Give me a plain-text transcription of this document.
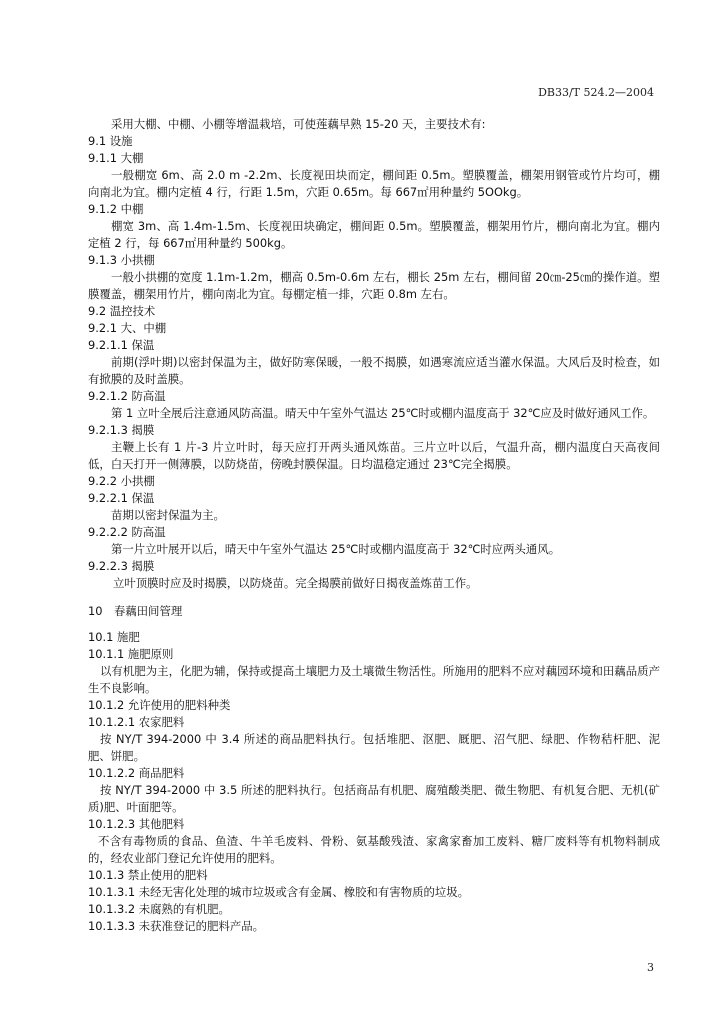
DB33/T 524.2—2004

采用大棚、中棚、小棚等增温栽培，可使莲藕早熟 15-20 天，主要技术有:

9.1 设施

9.1.1 大棚

一般棚宽 6m、高 2.0 m -2.2m、长度视田块而定，棚间距 0.5m。塑膜覆盖，棚架用钢管或竹片均可，棚向南北为宜。棚内定植 4 行，行距 1.5m，穴距 0.65m。每 667㎡用种量约 5OOkg。

9.1.2 中棚

棚宽 3m、高 1.4m-1.5m、长度视田块确定，棚间距 0.5m。塑膜覆盖，棚架用竹片，棚向南北为宜。棚内定植 2 行，每 667㎡用种量约 500kg。

9.1.3 小拱棚

一般小拱棚的宽度 1.1m-1.2m，棚高 0.5m-0.6m 左右，棚长 25m 左右，棚间留 20㎝-25㎝的操作道。塑膜覆盖，棚架用竹片，棚向南北为宜。每棚定植一排，穴距 0.8m 左右。

9.2 温控技术

9.2.1 大、中棚

9.2.1.1 保温

前期(浮叶期)以密封保温为主，做好防寒保暖，一般不揭膜，如遇寒流应适当灌水保温。大风后及时检查，如有掀膜的及时盖膜。

9.2.1.2 防高温

第 1 立叶全展后注意通风防高温。晴天中午室外气温达 25℃时或棚内温度高于 32℃应及时做好通风工作。

9.2.1.3 揭膜

主鞭上长有 1 片-3 片立叶时，每天应打开两头通风炼苗。三片立叶以后，气温升高，棚内温度白天高夜间低，白天打开一侧薄膜，以防烧苗，傍晚封膜保温。日均温稳定通过 23℃完全揭膜。

9.2.2 小拱棚

9.2.2.1 保温

苗期以密封保温为主。

9.2.2.2 防高温

第一片立叶展开以后，晴天中午室外气温达 25℃时或棚内温度高于 32℃时应两头通风。

9.2.2.3 揭膜

立叶顶膜时应及时揭膜，以防烧苗。完全揭膜前做好日揭夜盖炼苗工作。

10　春藕田间管理

10.1 施肥

10.1.1 施肥原则

以有机肥为主，化肥为辅，保持或提高土壤肥力及土壤微生物活性。所施用的肥料不应对藕园环境和田藕品质产生不良影响。

10.1.2 允许使用的肥料种类

10.1.2.1 农家肥料

按 NY/T 394-2000 中 3.4 所述的商品肥料执行。包括堆肥、沤肥、厩肥、沼气肥、绿肥、作物秸杆肥、泥肥、饼肥。

10.1.2.2 商品肥料

按 NY/T 394-2000 中 3.5 所述的肥料执行。包括商品有机肥、腐殖酸类肥、微生物肥、有机复合肥、无机(矿质)肥、叶面肥等。

10.1.2.3 其他肥料

不含有毒物质的食品、鱼渣、牛羊毛废料、骨粉、氨基酸残渣、家禽家畜加工废料、糖厂废料等有机物料制成的，经农业部门登记允许使用的肥料。

10.1.3 禁止使用的肥料

10.1.3.1 未经无害化处理的城市垃圾或含有金属、橡胶和有害物质的垃圾。

10.1.3.2 未腐熟的有机肥。

10.1.3.3 未获准登记的肥料产品。

3
